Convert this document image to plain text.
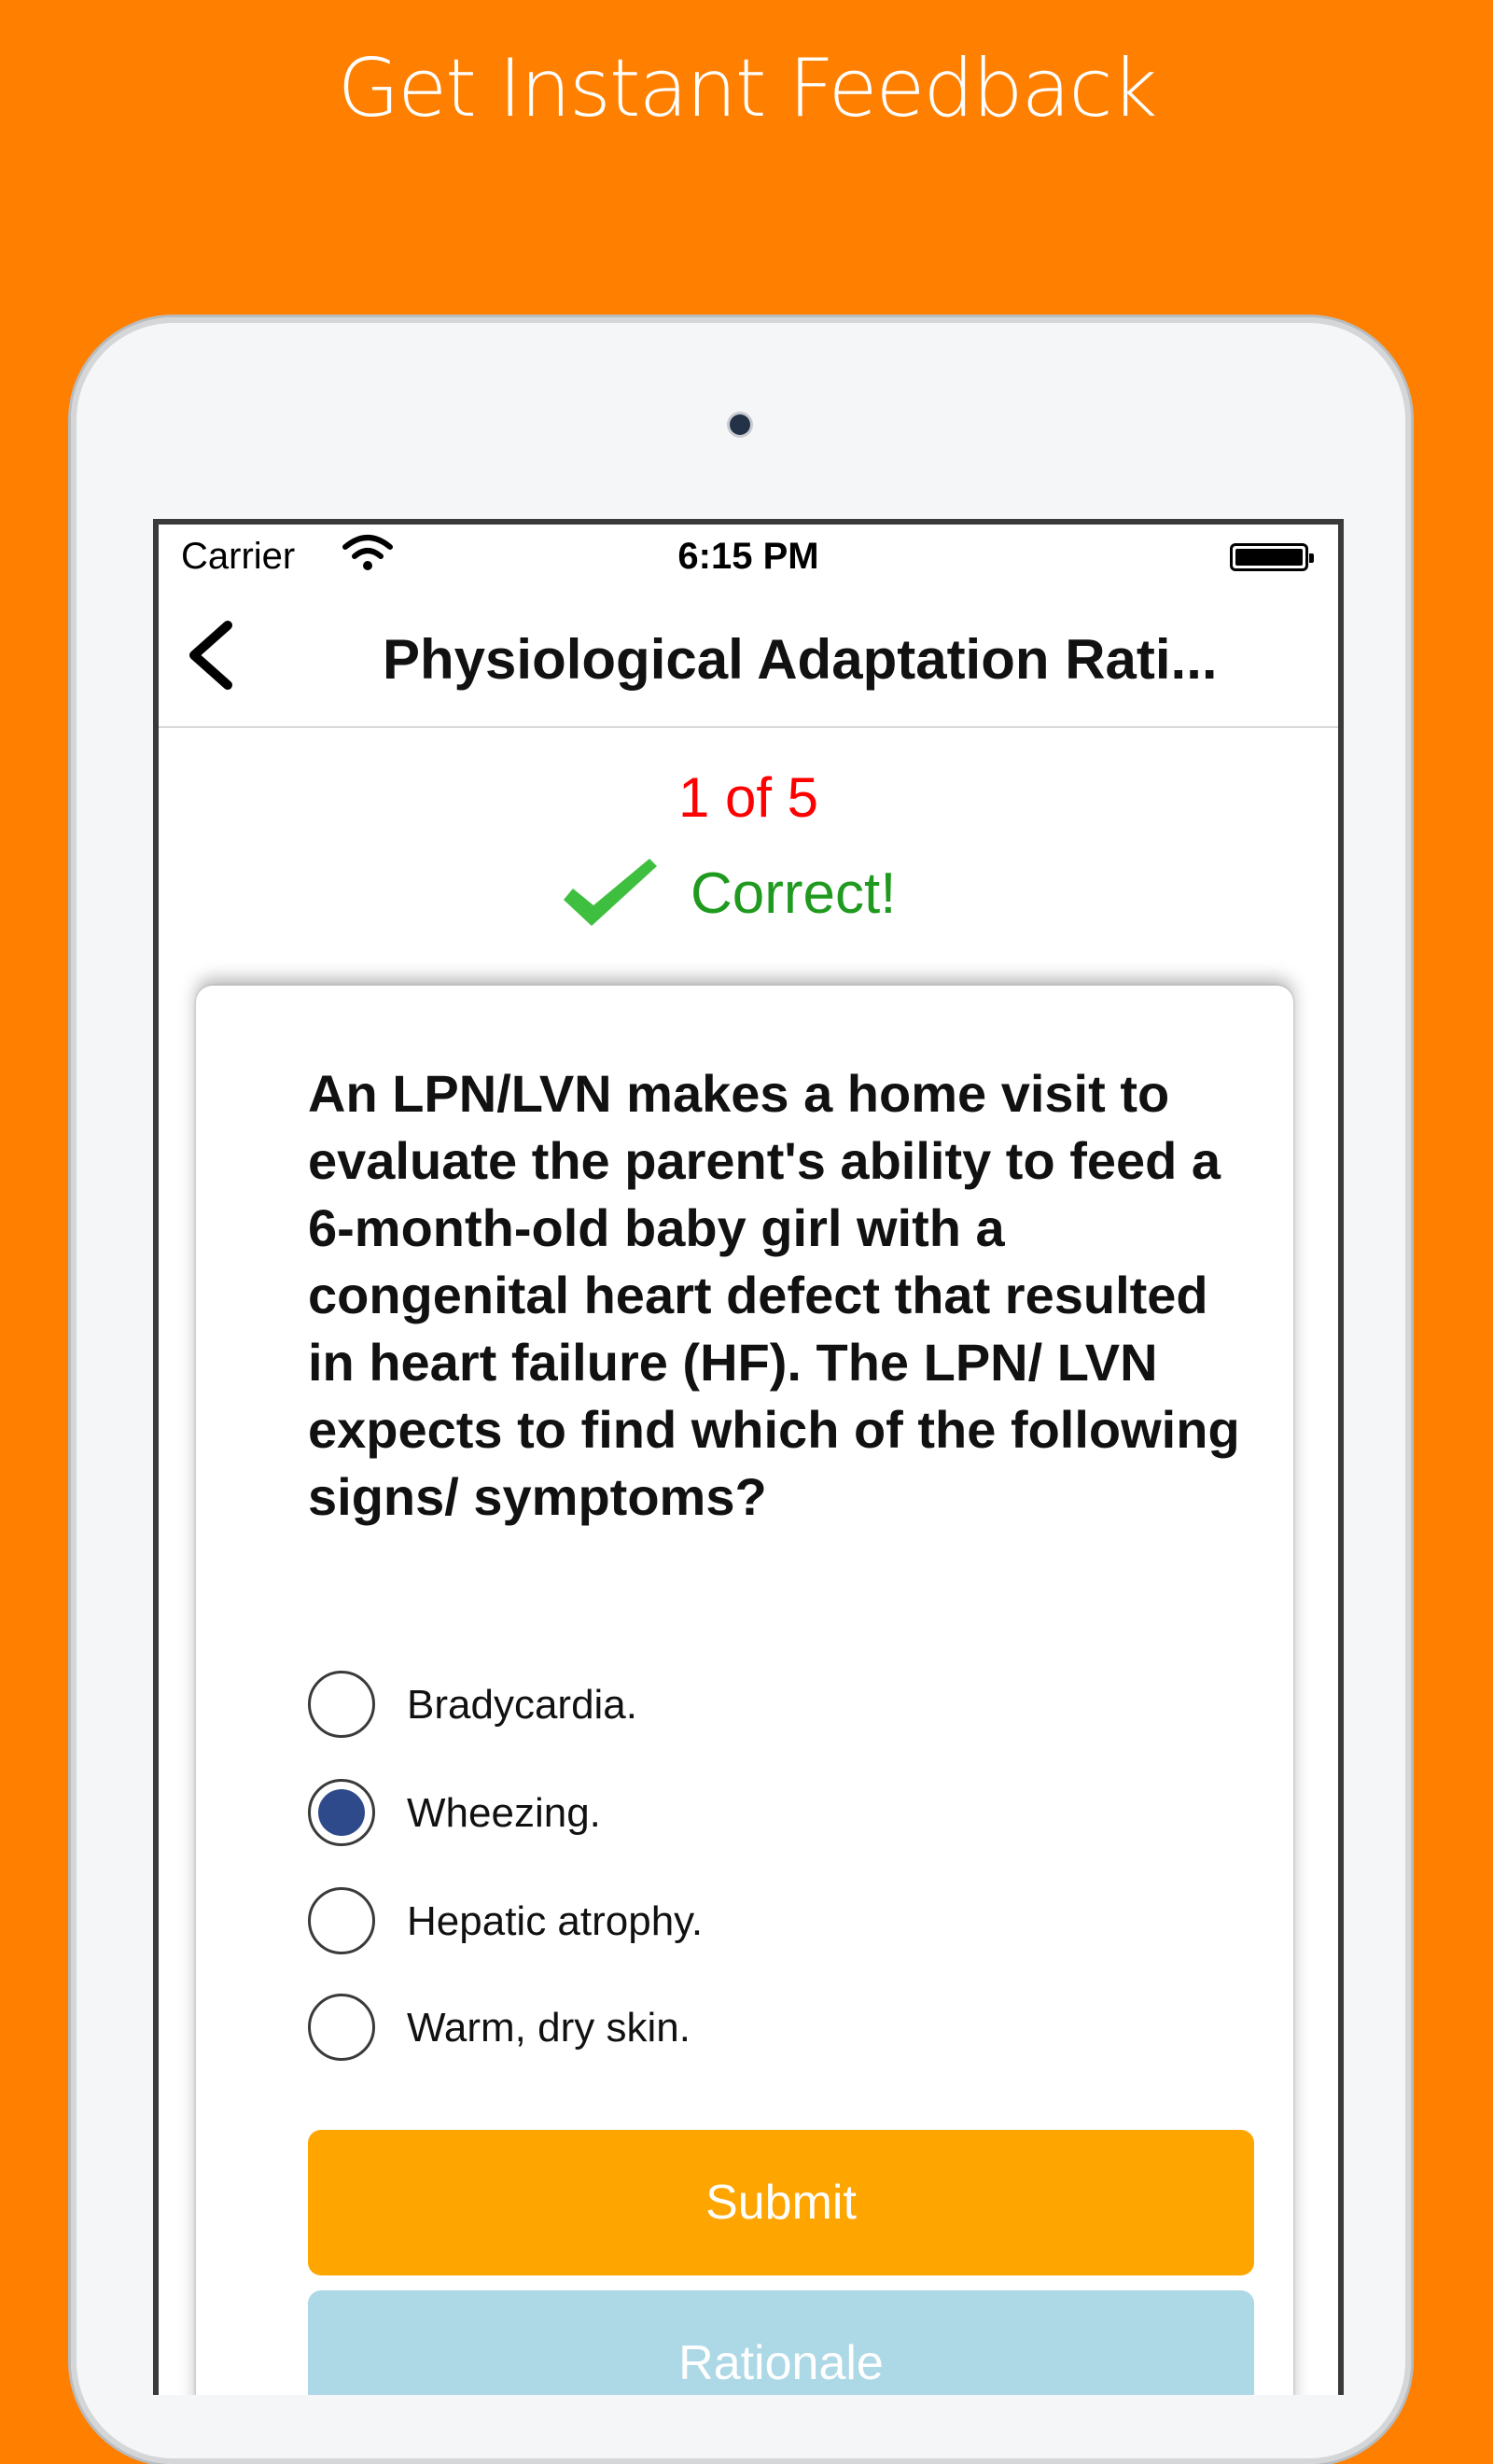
Get Instant Feedback
Carrier	6:15 PM
Physiological Adaptation Rati...
1 of 5
Correct!
An LPN/LVN makes a home visit to evaluate the parent's ability to feed a 6-month-old baby girl with a congenital heart defect that resulted in heart failure (HF). The LPN/ LVN expects to find which of the following signs/ symptoms?
Bradycardia.
Wheezing.
Hepatic atrophy.
Warm, dry skin.
Submit
Rationale
